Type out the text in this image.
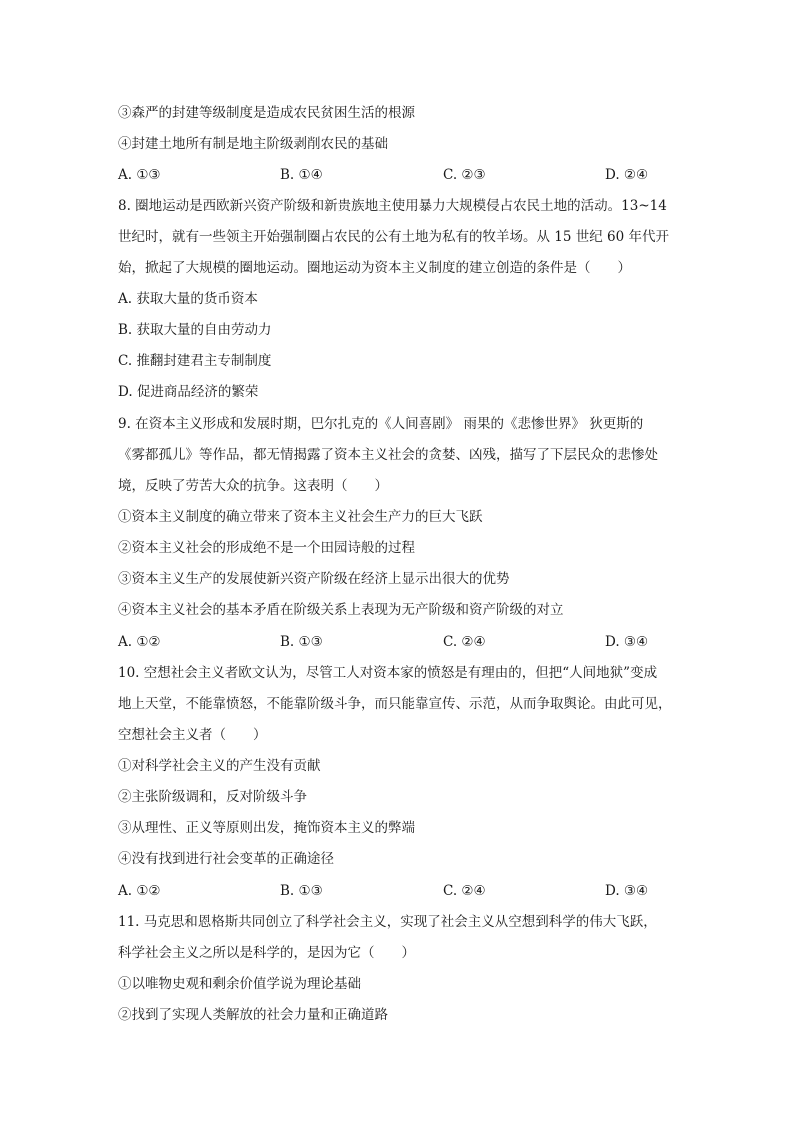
③森严的封建等级制度是造成农民贫困生活的根源
④封建土地所有制是地主阶级剥削农民的基础
A. ①③	B. ①④	C. ②③	D. ②④
8. 圈地运动是西欧新兴资产阶级和新贵族地主使用暴力大规模侵占农民土地的活动。13~14
世纪时，就有一些领主开始强制圈占农民的公有土地为私有的牧羊场。从 15 世纪 60 年代开
始，掀起了大规模的圈地运动。圈地运动为资本主义制度的建立创造的条件是（　　）
A. 获取大量的货币资本
B. 获取大量的自由劳动力
C. 推翻封建君主专制制度
D. 促进商品经济的繁荣
9. 在资本主义形成和发展时期，巴尔扎克的《人间喜剧》 雨果的《悲惨世界》 狄更斯的
《雾都孤儿》等作品，都无情揭露了资本主义社会的贪婪、凶残，描写了下层民众的悲惨处
境，反映了劳苦大众的抗争。这表明（　　）
①资本主义制度的确立带来了资本主义社会生产力的巨大飞跃
②资本主义社会的形成绝不是一个田园诗般的过程
③资本主义生产的发展使新兴资产阶级在经济上显示出很大的优势
④资本主义社会的基本矛盾在阶级关系上表现为无产阶级和资产阶级的对立
A. ①②	B. ①③	C. ②④	D. ③④
10. 空想社会主义者欧文认为，尽管工人对资本家的愤怒是有理由的，但把“人间地狱”变成
地上天堂，不能靠愤怒，不能靠阶级斗争，而只能靠宣传、示范，从而争取舆论。由此可见，
空想社会主义者（　　）
①对科学社会主义的产生没有贡献
②主张阶级调和，反对阶级斗争
③从理性、正义等原则出发，掩饰资本主义的弊端
④没有找到进行社会变革的正确途径
A. ①②	B. ①③	C. ②④	D. ③④
11. 马克思和恩格斯共同创立了科学社会主义，实现了社会主义从空想到科学的伟大飞跃，
科学社会主义之所以是科学的，是因为它（　　）
①以唯物史观和剩余价值学说为理论基础
②找到了实现人类解放的社会力量和正确道路
